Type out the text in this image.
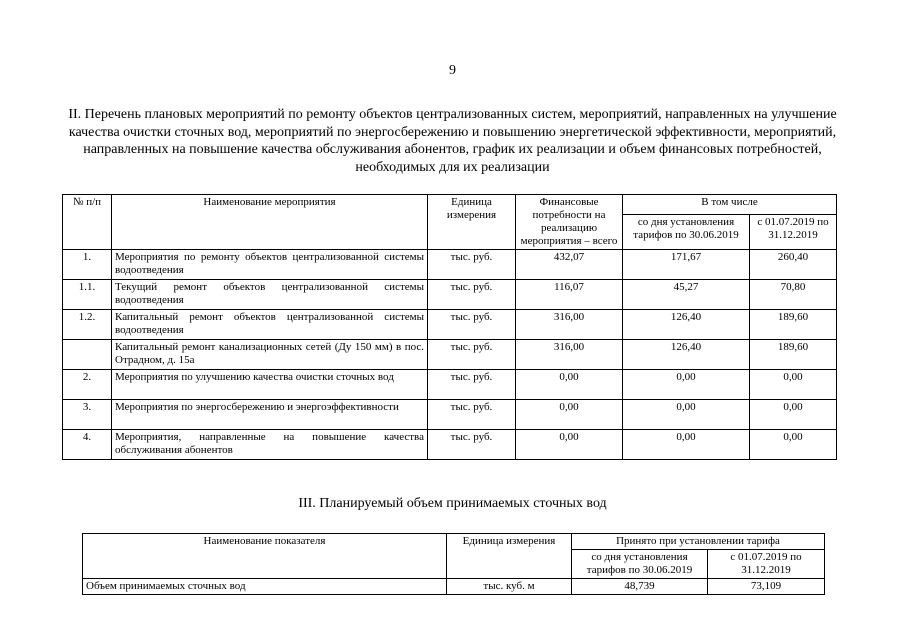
9
II. Перечень плановых мероприятий по ремонту объектов централизованных систем, мероприятий, направленных на улучшение качества очистки сточных вод, мероприятий по энергосбережению и повышению энергетической эффективности, мероприятий, направленных на повышение качества обслуживания абонентов, график их реализации и объем финансовых потребностей, необходимых для их реализации
№ п/п	Наименование мероприятия	Единица измерения	Финансовые потребности на реализацию мероприятия – всего	В том числе	
				со дня установления тарифов по 30.06.2019	с 01.07.2019 по 31.12.2019
1.	Мероприятия по ремонту объектов централизованной системы водоотведения	тыс. руб.	432,07	171,67	260,40
1.1.	Текущий ремонт объектов централизованной системы водоотведения	тыс. руб.	116,07	45,27	70,80
1.2.	Капитальный ремонт объектов централизованной системы водоотведения	тыс. руб.	316,00	126,40	189,60
	Капитальный ремонт канализационных сетей (Ду 150 мм) в пос. Отрадном, д. 15а	тыс. руб.	316,00	126,40	189,60
2.	Мероприятия по улучшению качества очистки сточных вод	тыс. руб.	0,00	0,00	0,00
3.	Мероприятия по энергосбережению и энергоэффективности	тыс. руб.	0,00	0,00	0,00
4.	Мероприятия, направленные на повышение качества обслуживания абонентов	тыс. руб.	0,00	0,00	0,00
III. Планируемый объем принимаемых сточных вод
Наименование показателя	Единица измерения	Принято при установлении тарифа	
		со дня установления тарифов по 30.06.2019	с 01.07.2019 по 31.12.2019
Объем принимаемых сточных вод	тыс. куб. м	48,739	73,109
